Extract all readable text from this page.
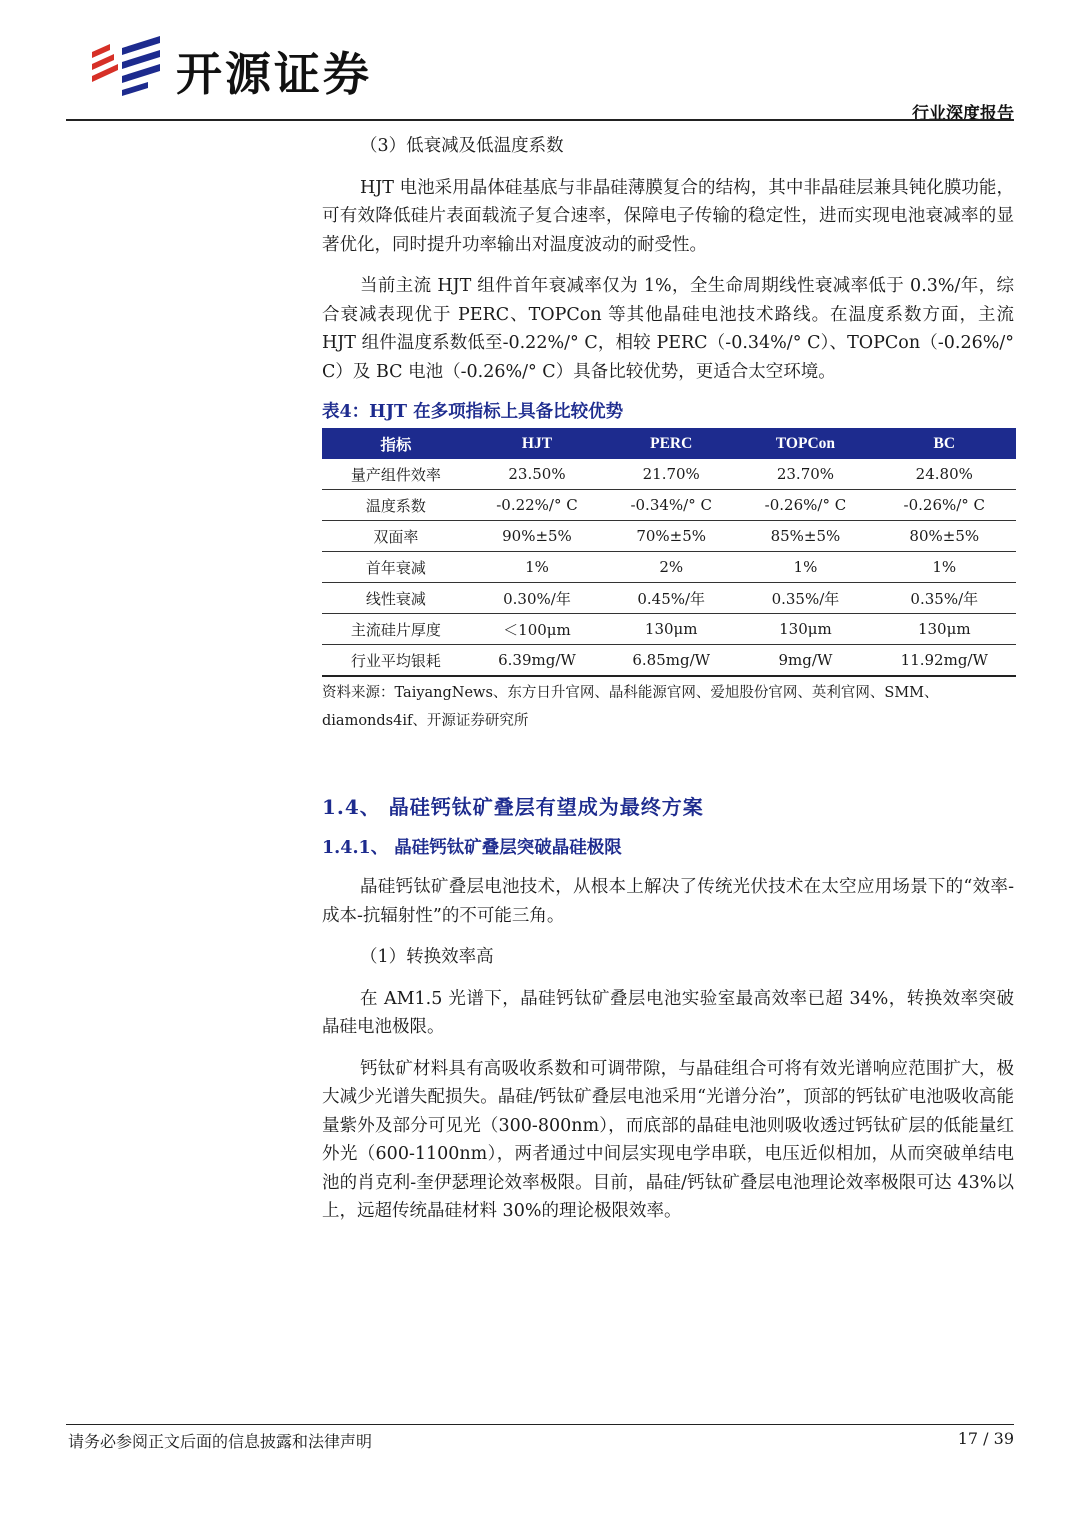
开源证券
行业深度报告
（3）低衰减及低温度系数

HJT 电池采用晶体硅基底与非晶硅薄膜复合的结构，其中非晶硅层兼具钝化膜功能，可有效降低硅片表面载流子复合速率，保障电子传输的稳定性，进而实现电池衰减率的显著优化，同时提升功率输出对温度波动的耐受性。

当前主流 HJT 组件首年衰减率仅为 1%，全生命周期线性衰减率低于 0.3%/年，综合衰减表现优于 PERC、TOPCon 等其他晶硅电池技术路线。在温度系数方面，主流 HJT 组件温度系数低至-0.22%/° C，相较 PERC（-0.34%/° C）、TOPCon（-0.26%/° C）及 BC 电池（-0.26%/° C）具备比较优势，更适合太空环境。

表4：HJT 在多项指标上具备比较优势
指标	HJT	PERC	TOPCon	BC
量产组件效率	23.50%	21.70%	23.70%	24.80%
温度系数	-0.22%/° C	-0.34%/° C	-0.26%/° C	-0.26%/° C
双面率	90%±5%	70%±5%	85%±5%	80%±5%
首年衰减	1%	2%	1%	1%
线性衰减	0.30%/年	0.45%/年	0.35%/年	0.35%/年
主流硅片厚度	＜100μm	130μm	130μm	130μm
行业平均银耗	6.39mg/W	6.85mg/W	9mg/W	11.92mg/W
资料来源：TaiyangNews、东方日升官网、晶科能源官网、爱旭股份官网、英利官网、SMM、diamonds4if、开源证券研究所
1.4、 晶硅钙钛矿叠层有望成为最终方案
1.4.1、 晶硅钙钛矿叠层突破晶硅极限

晶硅钙钛矿叠层电池技术，从根本上解决了传统光伏技术在太空应用场景下的“效率-成本-抗辐射性”的不可能三角。

（1）转换效率高

在 AM1.5 光谱下，晶硅钙钛矿叠层电池实验室最高效率已超 34%，转换效率突破晶硅电池极限。

钙钛矿材料具有高吸收系数和可调带隙，与晶硅组合可将有效光谱响应范围扩大，极大减少光谱失配损失。晶硅/钙钛矿叠层电池采用“光谱分治”，顶部的钙钛矿电池吸收高能量紫外及部分可见光（300-800nm），而底部的晶硅电池则吸收透过钙钛矿层的低能量红外光（600-1100nm），两者通过中间层实现电学串联，电压近似相加，从而突破单结电池的肖克利-奎伊瑟理论效率极限。目前，晶硅/钙钛矿叠层电池理论效率极限可达 43%以上，远超传统晶硅材料 30%的理论极限效率。

请务必参阅正文后面的信息披露和法律声明	17 / 39
